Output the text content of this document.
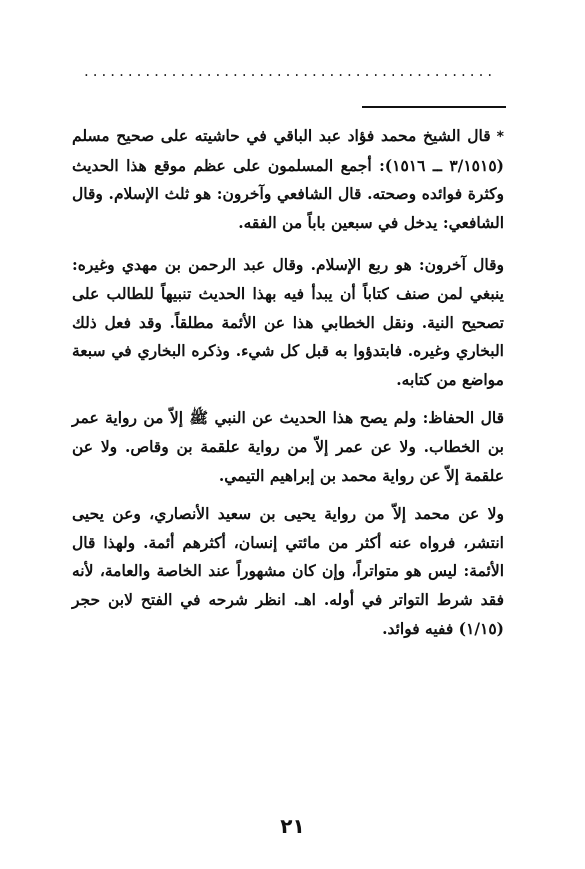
...............................................

*قال الشيخ محمد فؤاد عبد الباقي في حاشيته على صحيح مسلم (٣/١٥١٥ ــ ١٥١٦): أجمع المسلمون على عظم موقع هذا الحديث وكثرة فوائده وصحته. قال الشافعي وآخرون: هو ثلث الإسلام. وقال الشافعي: يدخل في سبعين باباً من الفقه.

وقال آخرون: هو ربع الإسلام. وقال عبد الرحمن بن مهدي وغيره: ينبغي لمن صنف كتاباً أن يبدأ فيه بهذا الحديث تنبيهاً للطالب على تصحيح النية. ونقل الخطابي هذا عن الأئمة مطلقاً. وقد فعل ذلك البخاري وغيره. فابتدؤوا به قبل كل شيء. وذكره البخاري في سبعة مواضع من كتابه.

قال الحفاظ: ولم يصح هذا الحديث عن النبي ﷺ إلاّ من رواية عمر بن الخطاب. ولا عن عمر إلاّ من رواية علقمة بن وقاص. ولا عن علقمة إلاّ عن رواية محمد بن إبراهيم التيمي.

ولا عن محمد إلاّ من رواية يحيى بن سعيد الأنصاري، وعن يحيى انتشر، فرواه عنه أكثر من مائتي إنسان، أكثرهم أئمة. ولهذا قال الأئمة: ليس هو متواتراً، وإن كان مشهوراً عند الخاصة والعامة، لأنه فقد شرط التواتر في أوله. اهـ. انظر شرحه في الفتح لابن حجر (١/١٥) ففيه فوائد.

٢١
